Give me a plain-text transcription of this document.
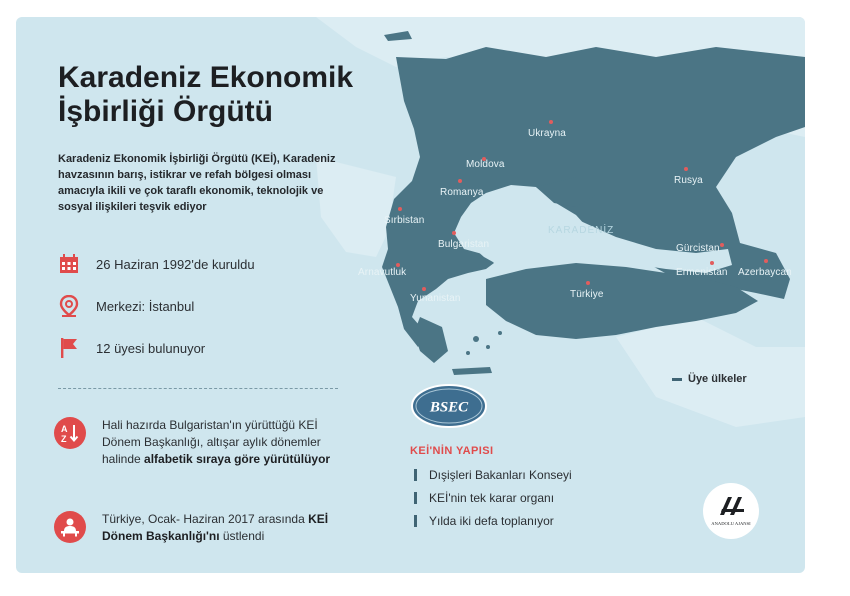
Ukrayna
Moldova
Romanya
Rusya
Sırbistan
Bulgaristan	Gürcistan
Ermenistan Azerbaycan
Arnavutluk
Yunanistan	Türkiye
KARADENİZ
Karadeniz Ekonomik
İşbirliği Örgütü

Karadeniz Ekonomik İşbirliği Örgütü (KEİ), Karadeniz havzasının barış, istikrar ve refah bölgesi olması amacıyla ikili ve çok taraflı ekonomik, teknolojik ve sosyal ilişkileri teşvik ediyor

26 Haziran 1992'de kuruldu
Merkezi: İstanbul
12 üyesi bulunuyor
A
Z
Hali hazırda Bulgaristan'ın yürüttüğü KEİ Dönem Başkanlığı, altışar aylık dönemler halinde alfabetik sıraya göre yürütülüyor
Türkiye, Ocak- Haziran 2017 arasında KEİ Dönem Başkanlığı'nı üstlendi
BSEC
KEİ'NİN YAPISI
Dışişleri Bakanları Konseyi
KEİ'nin tek karar organı
Yılda iki defa toplanıyor
Üye ülkeler
ANADOLU AJANSI
